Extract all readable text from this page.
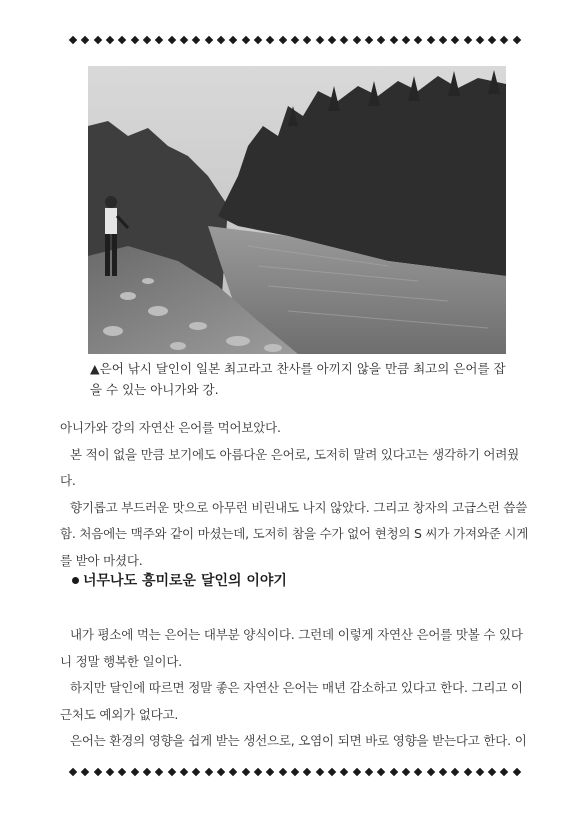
▲은어 낚시 달인이 일본 최고라고 찬사를 아끼지 않을 만큼 최고의 은어를 잡을 수 있는 아니가와 강.

아니가와 강의 자연산 은어를 먹어보았다.

본 적이 없을 만큼 보기에도 아름다운 은어로, 도저히 말려 있다고는 생각하기 어려웠다.

향기롭고 부드러운 맛으로 아무런 비린내도 나지 않았다. 그리고 창자의 고급스런 씁쓸함. 처음에는 맥주와 같이 마셨는데, 도저히 참을 수가 없어 현청의 S 씨가 가져와준 시게를 받아 마셨다.

너무나도 흥미로운 달인의 이야기

내가 평소에 먹는 은어는 대부분 양식이다. 그런데 이렇게 자연산 은어를 맛볼 수 있다니 정말 행복한 일이다.

하지만 달인에 따르면 정말 좋은 자연산 은어는 매년 감소하고 있다고 한다. 그리고 이 근처도 예외가 없다고.

은어는 환경의 영향을 쉽게 받는 생선으로, 오염이 되면 바로 영향을 받는다고 한다. 이
